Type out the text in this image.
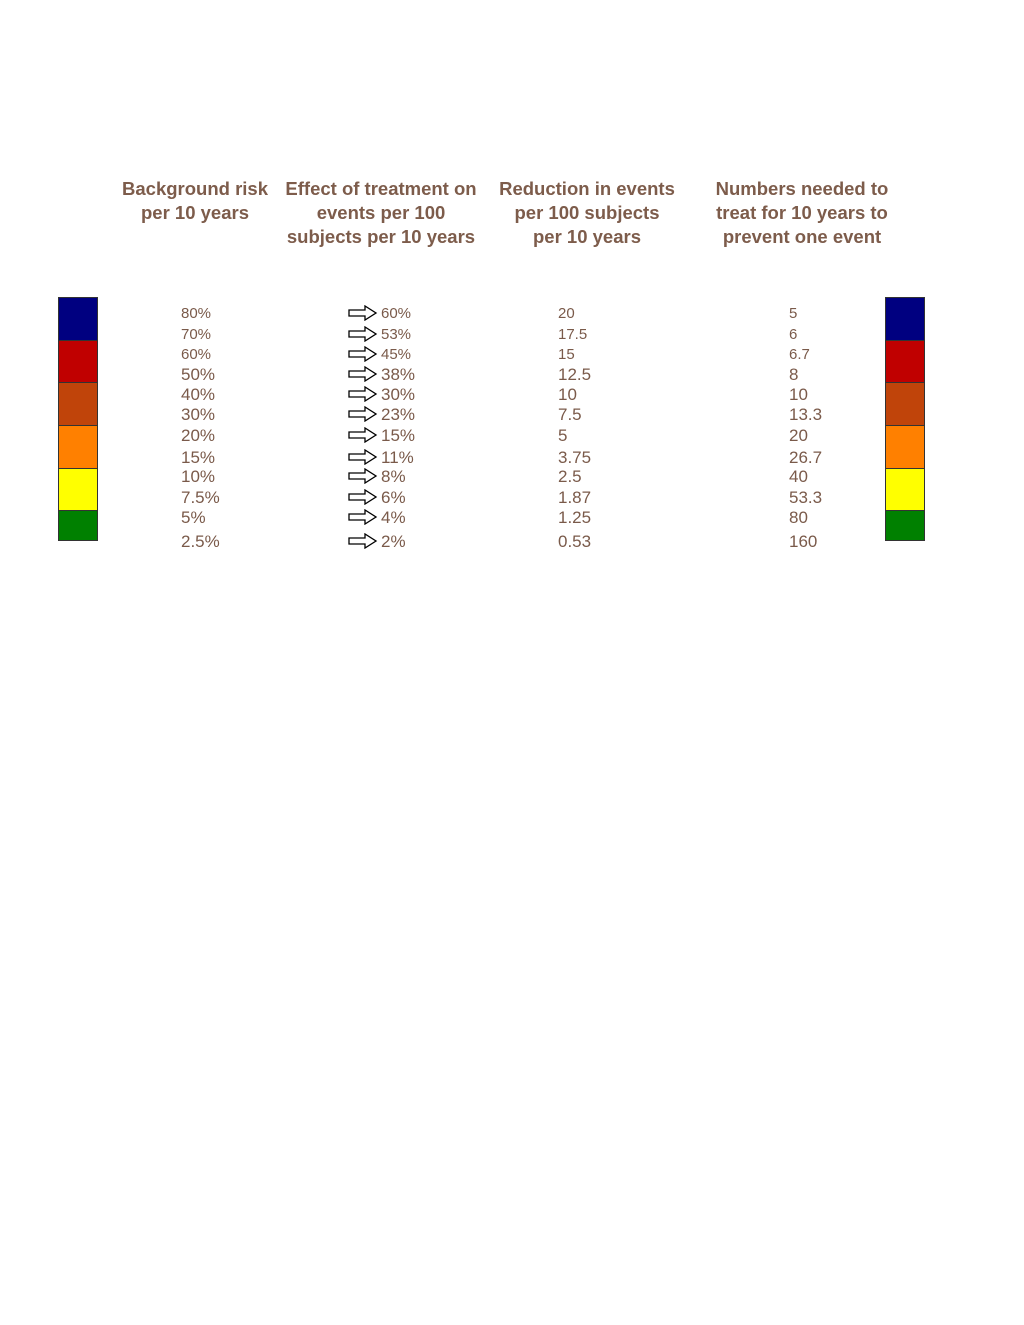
Background risk
per 10 years
Effect of treatment on
events per 100
subjects per 10 years
Reduction in events
per 100 subjects
per 10 years
Numbers needed to
treat for 10 years to
prevent one event
80%	60%	20	5
70%	53%	17.5	6
60%	45%	15	6.7
50%	38%	12.5	8
40%	30%	10	10
30%	23%	7.5	13.3
20%	15%	5	20
15%	11%	3.75	26.7
10%	8%	2.5	40
7.5%	6%	1.87	53.3
5%	4%	1.25	80
2.5%	2%	0.53	160
